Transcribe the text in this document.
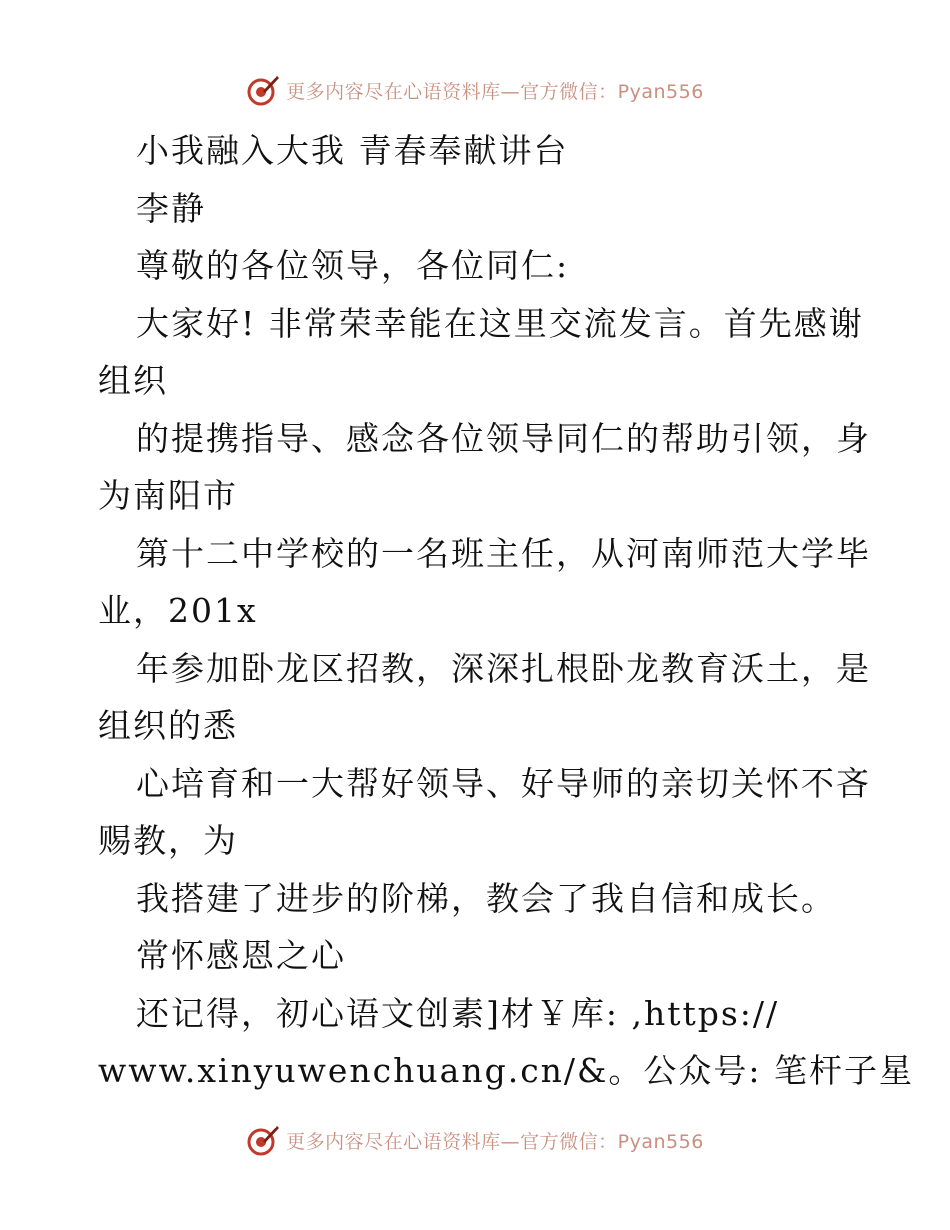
更多内容尽在心语资料库—官方微信：Pyan556
小我融入大我 青春奉献讲台
李静
尊敬的各位领导，各位同仁:
大家好! 非常荣幸能在这里交流发言。首先感谢
组织
的提携指导、感念各位领导同仁的帮助引领，身
为南阳市
第十二中学校的一名班主任，从河南师范大学毕
业，201x
年参加卧龙区招教，深深扎根卧龙教育沃土，是
组织的悉
心培育和一大帮好领导、好导师的亲切关怀不吝
赐教，为
我搭建了进步的阶梯，教会了我自信和成长。
常怀感恩之心
还记得，初心语文创素]材￥库: ,https://
www.xinyuwenchuang.cn/&。公众号: 笔杆子星
更多内容尽在心语资料库—官方微信：Pyan556
